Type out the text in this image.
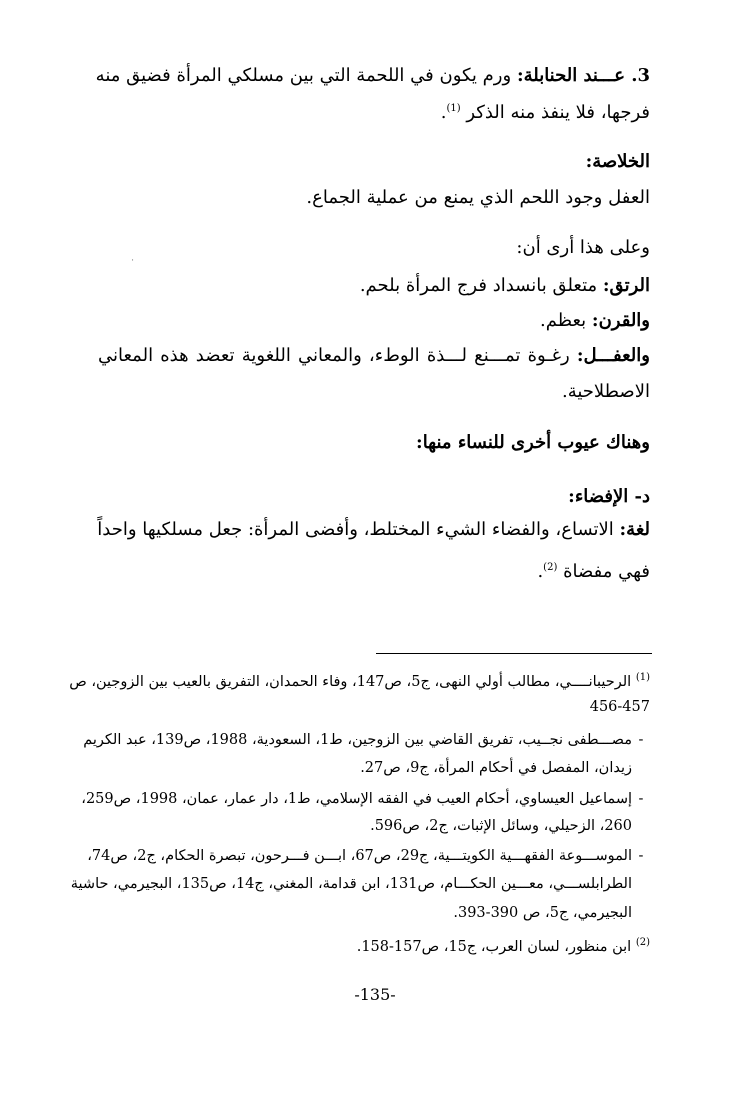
3. عـــند الحنابلة: ورم يكون في اللحمة التي بين مسلكي المرأة فضيق منه
فرجها، فلا ينفذ منه الذكر $^{(1)}$.
الخلاصة:
العفل وجود اللحم الذي يمنع من عملية الجماع.
وعلى هذا أرى أن:
·
الرتق: متعلق بانسداد فرج المرأة بلحم.
والقرن: بعظم.
والعفـــل: رغـوة تمـــنع لـــذة الوطء، والمعاني اللغوية تعضد هذه المعاني
الاصطلاحية.
وهناك عيوب أخرى للنساء منها:
د- الإفضاء:
لغة: الاتساع، والفضاء الشيء المختلط، وأفضى المرأة: جعل مسلكيها واحداً
فهي مفضاة $^{(2)}$.
$^{(1)}$ الرحيبانــــي، مطالب أولي النهى، ج5، ص147، وفاء الحمدان، التفريق بالعيب بين الزوجين، ص
456-457
-مصـــطفى نجــيب، تفريق القاضي بين الزوجين، ط1، السعودية، 1988، ص139، عبد الكريم
زيدان، المفصل في أحكام المرأة، ج9، ص27.
-إسماعيل العيساوي، أحكام العيب في الفقه الإسلامي، ط1، دار عمار، عمان، 1998، ص259،
260، الزحيلي، وسائل الإثبات، ج2، ص596.
-الموســـوعة الفقهـــية الكويتـــية، ج29، ص67، ابـــن فـــرحون، تبصرة الحكام، ج2، ص74،
الطرابلســـي، معـــين الحكـــام، ص131، ابن قدامة، المغني، ج14، ص135، البجيرمي، حاشية
البجيرمي، ج5، ص 390-393.
$^{(2)}$ ابن منظور، لسان العرب، ج15، ص157-158.
-135-
